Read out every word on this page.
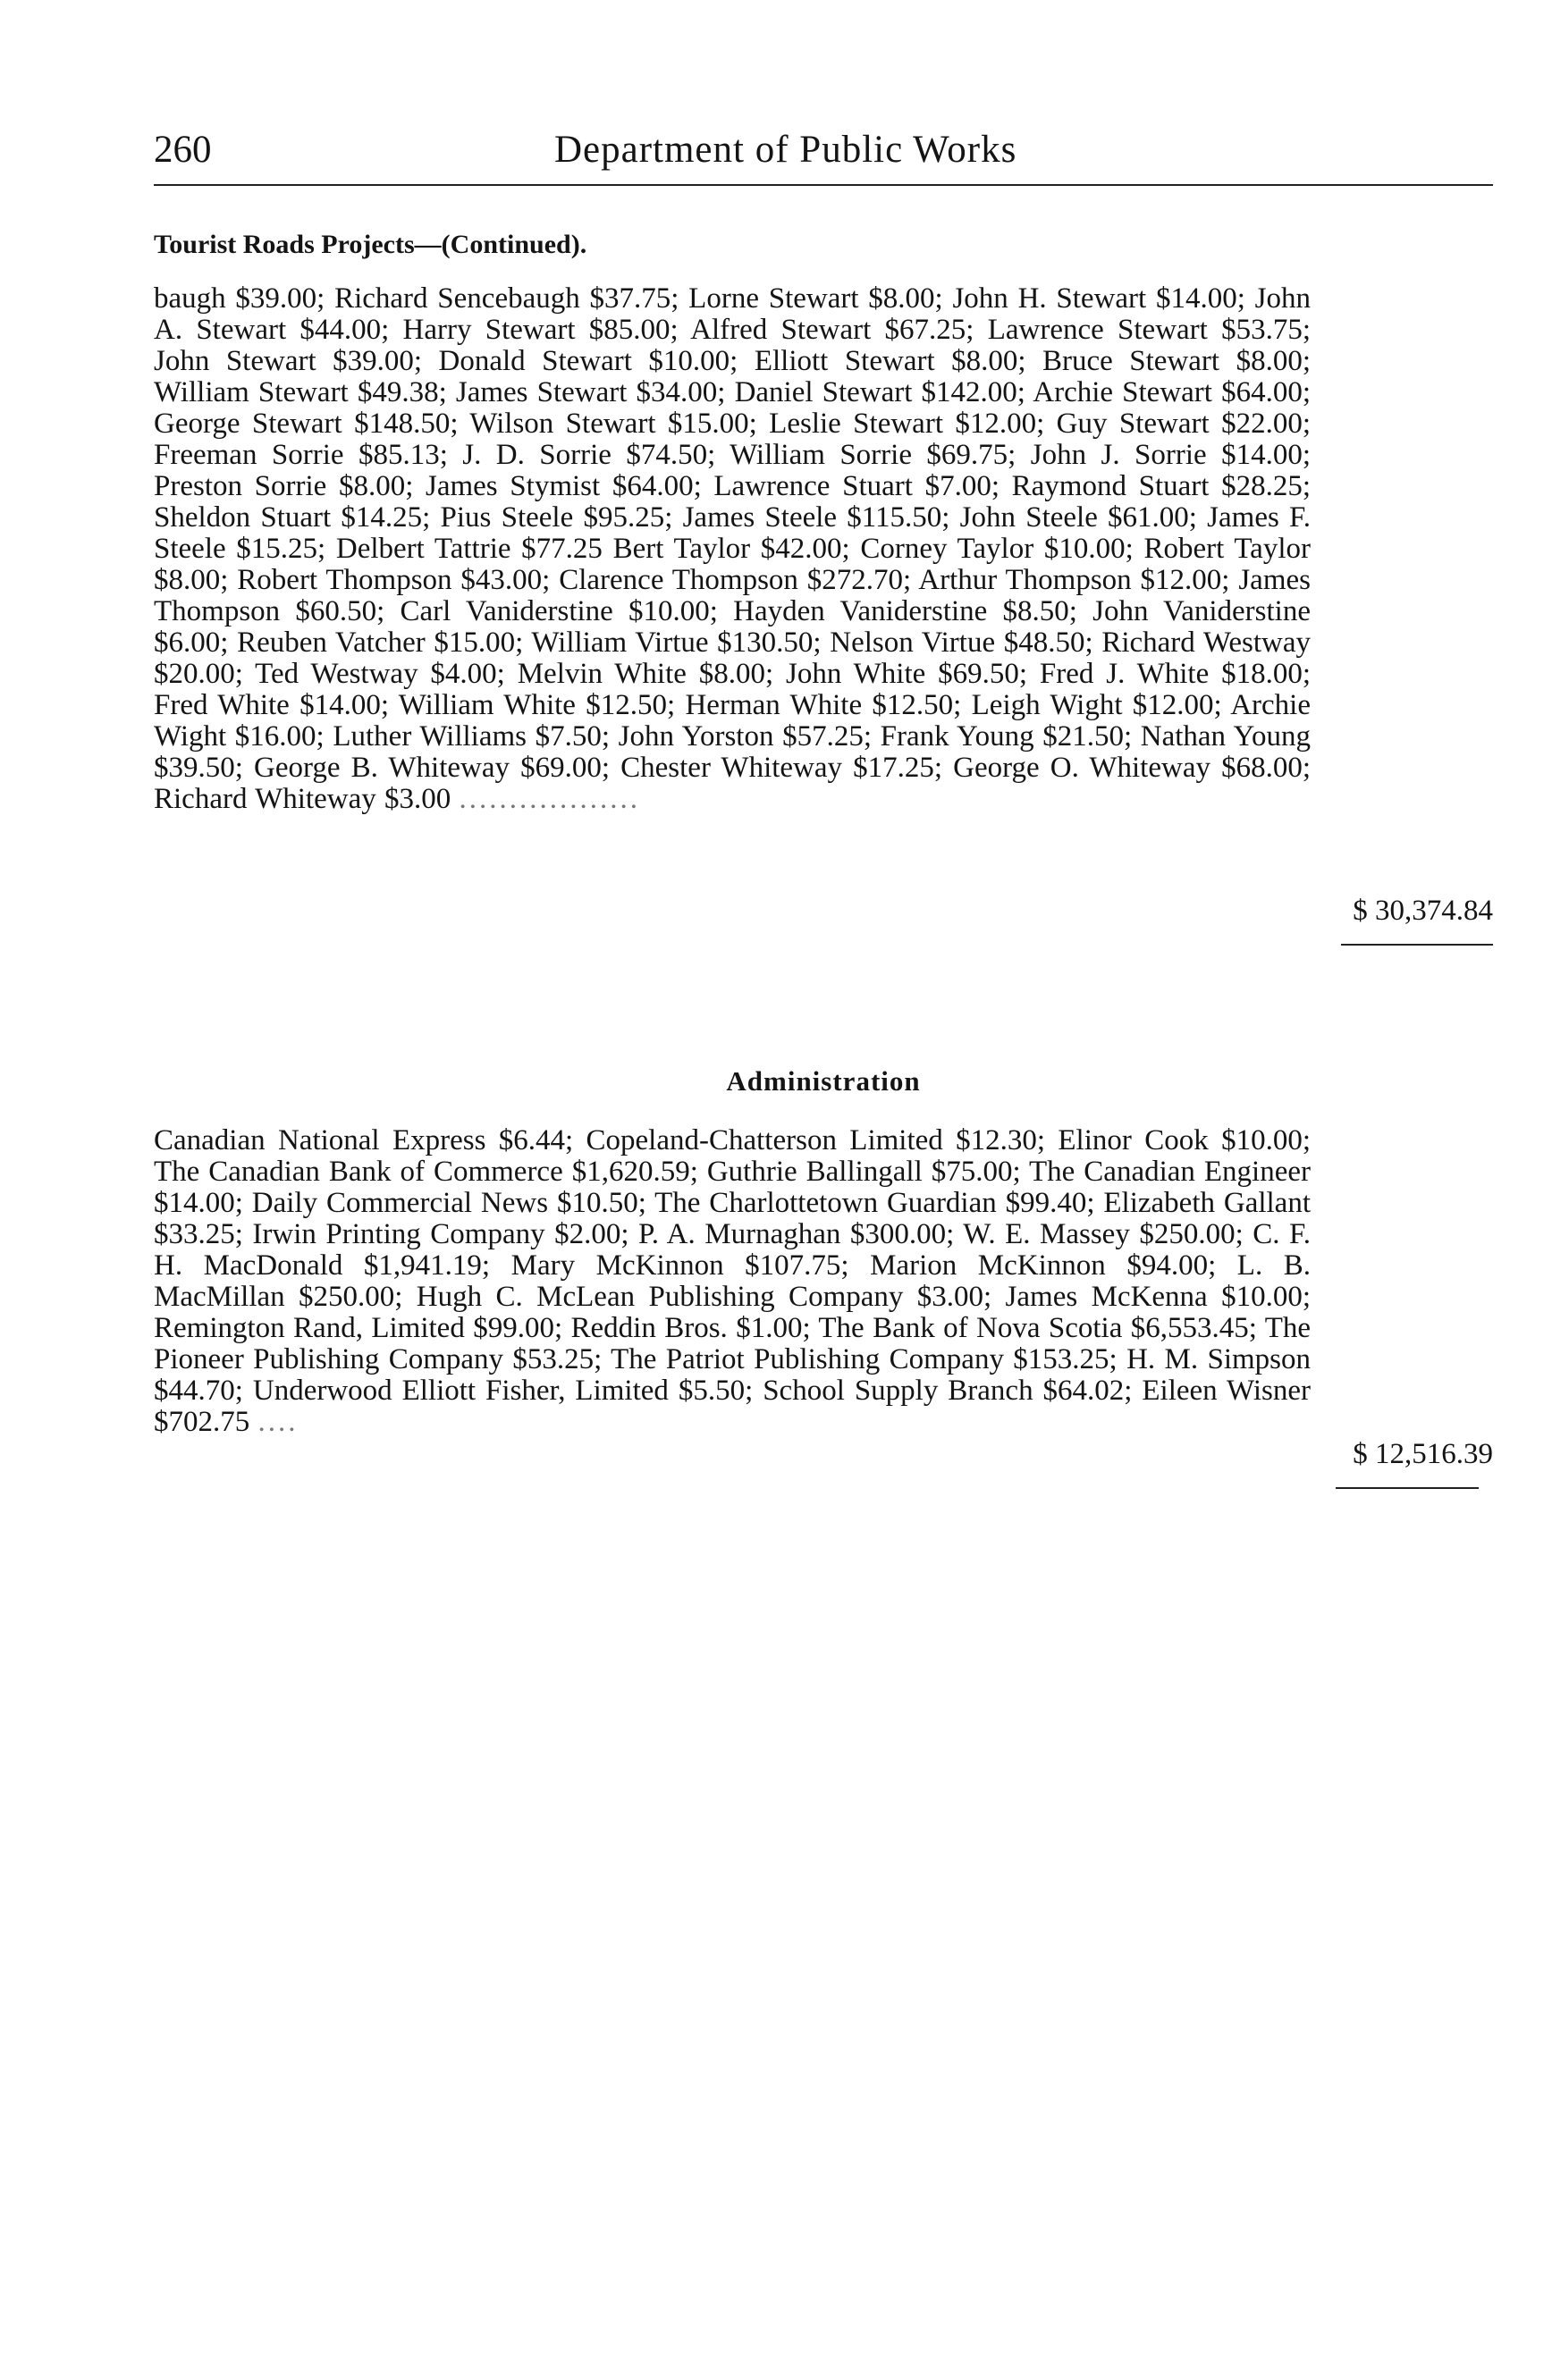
260	Department of Public Works
Tourist Roads Projects—(Continued).
baugh $39.00; Richard Sencebaugh $37.75; Lorne Stewart $8.00; John H. Stewart $14.00; John A. Stewart $44.00; Harry Stewart $85.00; Alfred Stewart $67.25; Lawrence Stewart $53.75; John Stewart $39.00; Donald Stewart $10.00; Elliott Stewart $8.00; Bruce Stewart $8.00; William Stewart $49.38; James Stewart $34.00; Daniel Stewart $142.00; Archie Stewart $64.00; George Stewart $148.50; Wilson Stewart $15.00; Leslie Stewart $12.00; Guy Stewart $22.00; Freeman Sorrie $85.13; J. D. Sorrie $74.50; William Sorrie $69.75; John J. Sorrie $14.00; Preston Sorrie $8.00; James Stymist $64.00; Lawrence Stuart $7.00; Raymond Stuart $28.25; Sheldon Stuart $14.25; Pius Steele $95.25; James Steele $115.50; John Steele $61.00; James F. Steele $15.25; Delbert Tattrie $77.25 Bert Taylor $42.00; Corney Taylor $10.00; Robert Taylor $8.00; Robert Thompson $43.00; Clarence Thompson $272.70; Arthur Thompson $12.00; James Thompson $60.50; Carl Vaniderstine $10.00; Hayden Vaniderstine $8.50; John Vaniderstine $6.00; Reuben Vatcher $15.00; William Virtue $130.50; Nelson Virtue $48.50; Richard Westway $20.00; Ted Westway $4.00; Melvin White $8.00; John White $69.50; Fred J. White $18.00; Fred White $14.00; William White $12.50; Herman White $12.50; Leigh Wight $12.00; Archie Wight $16.00; Luther Williams $7.50; John Yorston $57.25; Frank Young $21.50; Nathan Young $39.50; George B. Whiteway $69.00; Chester Whiteway $17.25; George O. Whiteway $68.00; Richard Whiteway $3.00 ..................
$ 30,374.84
Administration
Canadian National Express $6.44; Copeland-Chatterson Limited $12.30; Elinor Cook $10.00; The Canadian Bank of Commerce $1,620.59; Guthrie Ballingall $75.00; The Canadian Engineer $14.00; Daily Commercial News $10.50; The Charlottetown Guardian $99.40; Elizabeth Gallant $33.25; Irwin Printing Company $2.00; P. A. Murnaghan $300.00; W. E. Massey $250.00; C. F. H. MacDonald $1,941.19; Mary McKinnon $107.75; Marion McKinnon $94.00; L. B. MacMillan $250.00; Hugh C. McLean Publishing Company $3.00; James McKenna $10.00; Remington Rand, Limited $99.00; Reddin Bros. $1.00; The Bank of Nova Scotia $6,553.45; The Pioneer Publishing Company $53.25; The Patriot Publishing Company $153.25; H. M. Simpson $44.70; Underwood Elliott Fisher, Limited $5.50; School Supply Branch $64.02; Eileen Wisner $702.75 ....
$ 12,516.39
